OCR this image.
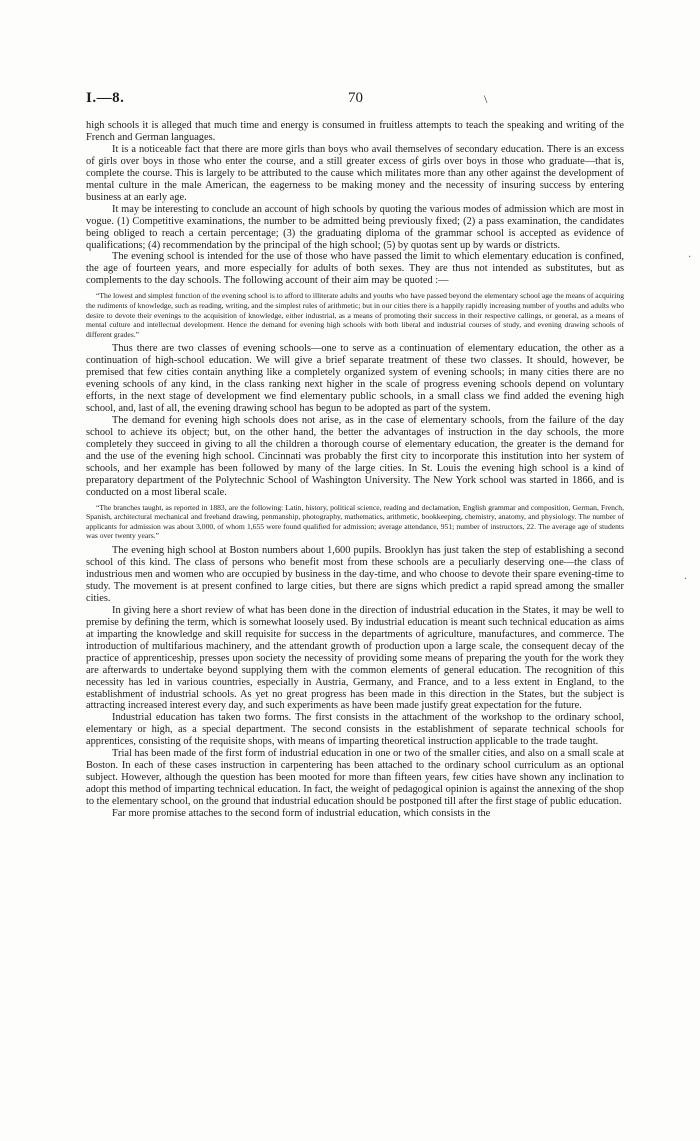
I.—8.	70	\

high schools it is alleged that much time and energy is consumed in fruitless attempts to teach the speaking and writing of the French and German languages.

It is a noticeable fact that there are more girls than boys who avail themselves of secondary education. There is an excess of girls over boys in those who enter the course, and a still greater excess of girls over boys in those who graduate—that is, complete the course. This is largely to be attributed to the cause which militates more than any other against the development of mental culture in the male American, the eagerness to be making money and the necessity of insuring success by entering business at an early age.

It may be interesting to conclude an account of high schools by quoting the various modes of admission which are most in vogue. (1) Competitive examinations, the number to be admitted being previously fixed; (2) a pass examination, the candidates being obliged to reach a certain percentage; (3) the graduating diploma of the grammar school is accepted as evidence of qualifications; (4) recommendation by the principal of the high school; (5) by quotas sent up by wards or districts.

The evening school is intended for the use of those who have passed the limit to which elementary education is confined, the age of fourteen years, and more especially for adults of both sexes. They are thus not intended as substitutes, but as complements to the day schools. The following account of their aim may be quoted :—

“The lowest and simplest function of the evening school is to afford to illiterate adults and youths who have passed beyond the elementary school age the means of acquiring the rudiments of knowledge, such as reading, writing, and the simplest rules of arithmetic; but in our cities there is a happily rapidly increasing number of youths and adults who desire to devote their evenings to the acquisition of knowledge, either industrial, as a means of promoting their success in their respective callings, or general, as a means of mental culture and intellectual development. Hence the demand for evening high schools with both liberal and industrial courses of study, and evening drawing schools of different grades.”

Thus there are two classes of evening schools—one to serve as a continuation of elementary education, the other as a continuation of high-school education. We will give a brief separate treatment of these two classes. It should, however, be premised that few cities contain anything like a completely organized system of evening schools; in many cities there are no evening schools of any kind, in the class ranking next higher in the scale of progress evening schools depend on voluntary efforts, in the next stage of development we find elementary public schools, in a small class we find added the evening high school, and, last of all, the evening drawing school has begun to be adopted as part of the system.

The demand for evening high schools does not arise, as in the case of elementary schools, from the failure of the day school to achieve its object; but, on the other hand, the better the advantages of instruction in the day schools, the more completely they succeed in giving to all the children a thorough course of elementary education, the greater is the demand for and the use of the evening high school. Cincinnati was probably the first city to incorporate this institution into her system of schools, and her example has been followed by many of the large cities. In St. Louis the evening high school is a kind of preparatory department of the Polytechnic School of Washington University. The New York school was started in 1866, and is conducted on a most liberal scale.

“The branches taught, as reported in 1883, are the following: Latin, history, political science, reading and declamation, English grammar and composition, German, French, Spanish, architectural mechanical and freehand drawing, penmanship, photography, mathematics, arithmetic, bookkeeping, chemistry, anatomy, and physiology. The number of applicants for admission was about 3,000, of whom 1,655 were found qualified for admission; average attendance, 951; number of instructors, 22. The average age of students was over twenty years.”

The evening high school at Boston numbers about 1,600 pupils. Brooklyn has just taken the step of establishing a second school of this kind. The class of persons who benefit most from these schools are a peculiarly deserving one—the class of industrious men and women who are occupied by business in the day-time, and who choose to devote their spare evening-time to study. The movement is at present confined to large cities, but there are signs which predict a rapid spread among the smaller cities.

In giving here a short review of what has been done in the direction of industrial education in the States, it may be well to premise by defining the term, which is somewhat loosely used. By industrial education is meant such technical education as aims at imparting the knowledge and skill requisite for success in the departments of agriculture, manufactures, and commerce. The introduction of multifarious machinery, and the attendant growth of production upon a large scale, the consequent decay of the practice of apprenticeship, presses upon society the necessity of providing some means of preparing the youth for the work they are afterwards to undertake beyond supplying them with the common elements of general education. The recognition of this necessity has led in various countries, especially in Austria, Germany, and France, and to a less extent in England, to the establishment of industrial schools. As yet no great progress has been made in this direction in the States, but the subject is attracting increased interest every day, and such experiments as have been made justify great expectation for the future.

Industrial education has taken two forms. The first consists in the attachment of the workshop to the ordinary school, elementary or high, as a special department. The second consists in the establishment of separate technical schools for apprentices, consisting of the requisite shops, with means of imparting theoretical instruction applicable to the trade taught.

Trial has been made of the first form of industrial education in one or two of the smaller cities, and also on a small scale at Boston. In each of these cases instruction in carpentering has been attached to the ordinary school curriculum as an optional subject. However, although the question has been mooted for more than fifteen years, few cities have shown any inclination to adopt this method of imparting technical education. In fact, the weight of pedagogical opinion is against the annexing of the shop to the elementary school, on the ground that industrial education should be postponed till after the first stage of public education.

Far more promise attaches to the second form of industrial education, which consists in the

·
·
